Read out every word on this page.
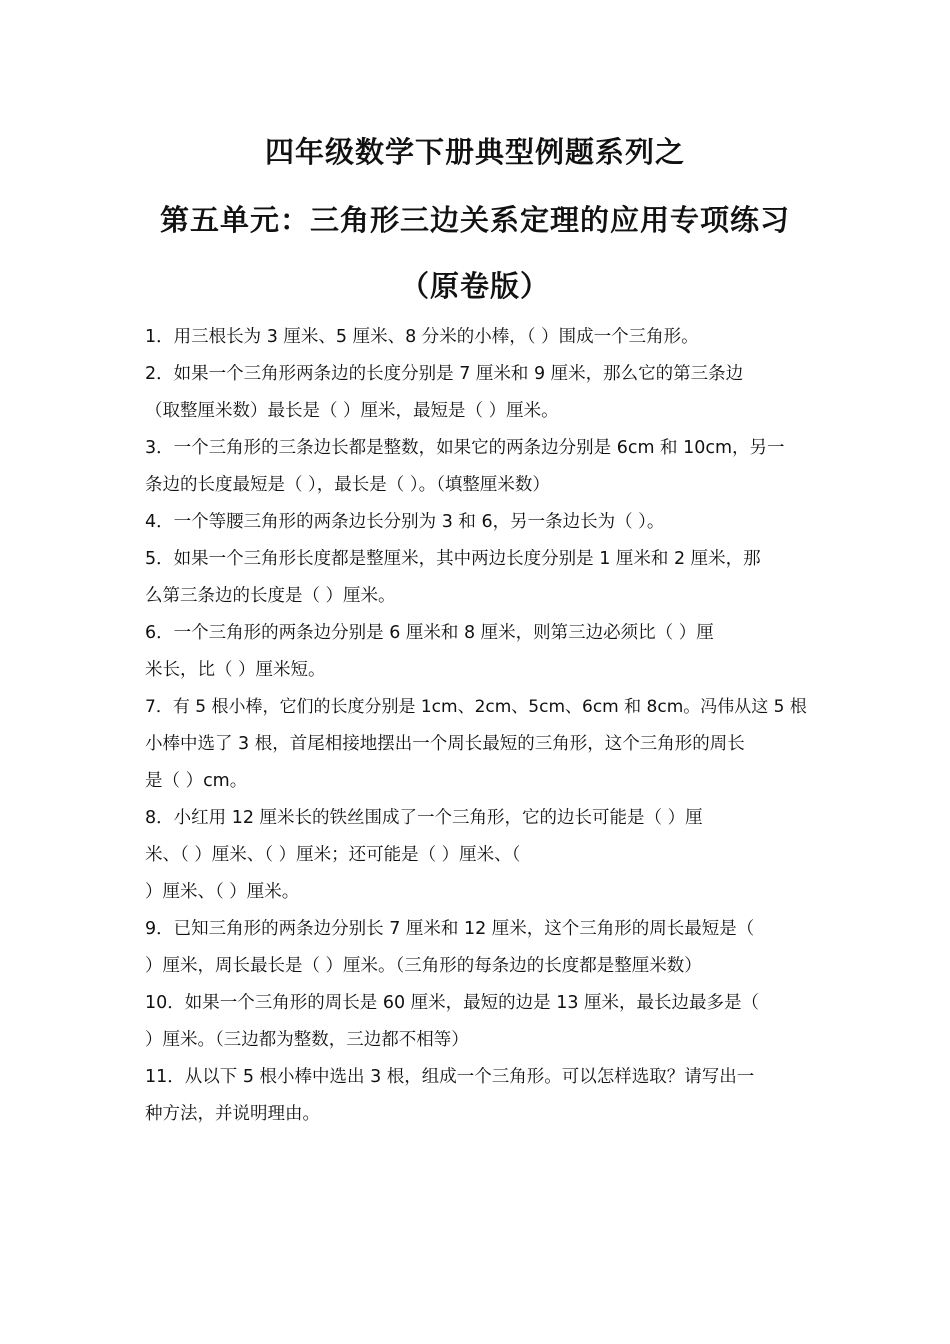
四年级数学下册典型例题系列之
第五单元：三角形三边关系定理的应用专项练习
（原卷版）
1．用三根长为 3 厘米、5 厘米、8 分米的小棒，（ ）围成一个三角形。
2．如果一个三角形两条边的长度分别是 7 厘米和 9 厘米，那么它的第三条边
（取整厘米数）最长是（ ）厘米，最短是（ ）厘米。
3．一个三角形的三条边长都是整数，如果它的两条边分别是 6cm 和 10cm，另一
条边的长度最短是（ ），最长是（ ）。（填整厘米数）
4．一个等腰三角形的两条边长分别为 3 和 6，另一条边长为（ ）。
5．如果一个三角形长度都是整厘米，其中两边长度分别是 1 厘米和 2 厘米，那
么第三条边的长度是（ ）厘米。
6．一个三角形的两条边分别是 6 厘米和 8 厘米，则第三边必须比（ ）厘
米长，比（ ）厘米短。
7．有 5 根小棒，它们的长度分别是 1cm、2cm、5cm、6cm 和 8cm。冯伟从这 5 根
小棒中选了 3 根，首尾相接地摆出一个周长最短的三角形，这个三角形的周长
是（ ）cm。
8．小红用 12 厘米长的铁丝围成了一个三角形，它的边长可能是（ ）厘
米、（ ）厘米、（ ）厘米；还可能是（ ）厘米、（
）厘米、（ ）厘米。
9．已知三角形的两条边分别长 7 厘米和 12 厘米，这个三角形的周长最短是（
）厘米，周长最长是（ ）厘米。（三角形的每条边的长度都是整厘米数）
10．如果一个三角形的周长是 60 厘米，最短的边是 13 厘米，最长边最多是（
）厘米。（三边都为整数，三边都不相等）
11．从以下 5 根小棒中选出 3 根，组成一个三角形。可以怎样选取？请写出一
种方法，并说明理由。
